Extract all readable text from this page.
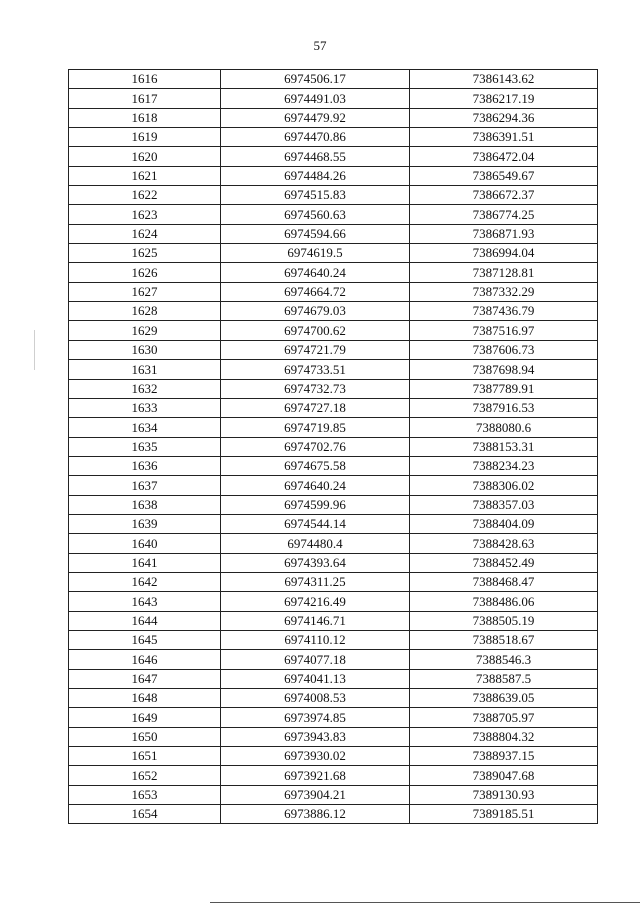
57
1616	6974506.17	7386143.62
1617	6974491.03	7386217.19
1618	6974479.92	7386294.36
1619	6974470.86	7386391.51
1620	6974468.55	7386472.04
1621	6974484.26	7386549.67
1622	6974515.83	7386672.37
1623	6974560.63	7386774.25
1624	6974594.66	7386871.93
1625	6974619.5	7386994.04
1626	6974640.24	7387128.81
1627	6974664.72	7387332.29
1628	6974679.03	7387436.79
1629	6974700.62	7387516.97
1630	6974721.79	7387606.73
1631	6974733.51	7387698.94
1632	6974732.73	7387789.91
1633	6974727.18	7387916.53
1634	6974719.85	7388080.6
1635	6974702.76	7388153.31
1636	6974675.58	7388234.23
1637	6974640.24	7388306.02
1638	6974599.96	7388357.03
1639	6974544.14	7388404.09
1640	6974480.4	7388428.63
1641	6974393.64	7388452.49
1642	6974311.25	7388468.47
1643	6974216.49	7388486.06
1644	6974146.71	7388505.19
1645	6974110.12	7388518.67
1646	6974077.18	7388546.3
1647	6974041.13	7388587.5
1648	6974008.53	7388639.05
1649	6973974.85	7388705.97
1650	6973943.83	7388804.32
1651	6973930.02	7388937.15
1652	6973921.68	7389047.68
1653	6973904.21	7389130.93
1654	6973886.12	7389185.51
